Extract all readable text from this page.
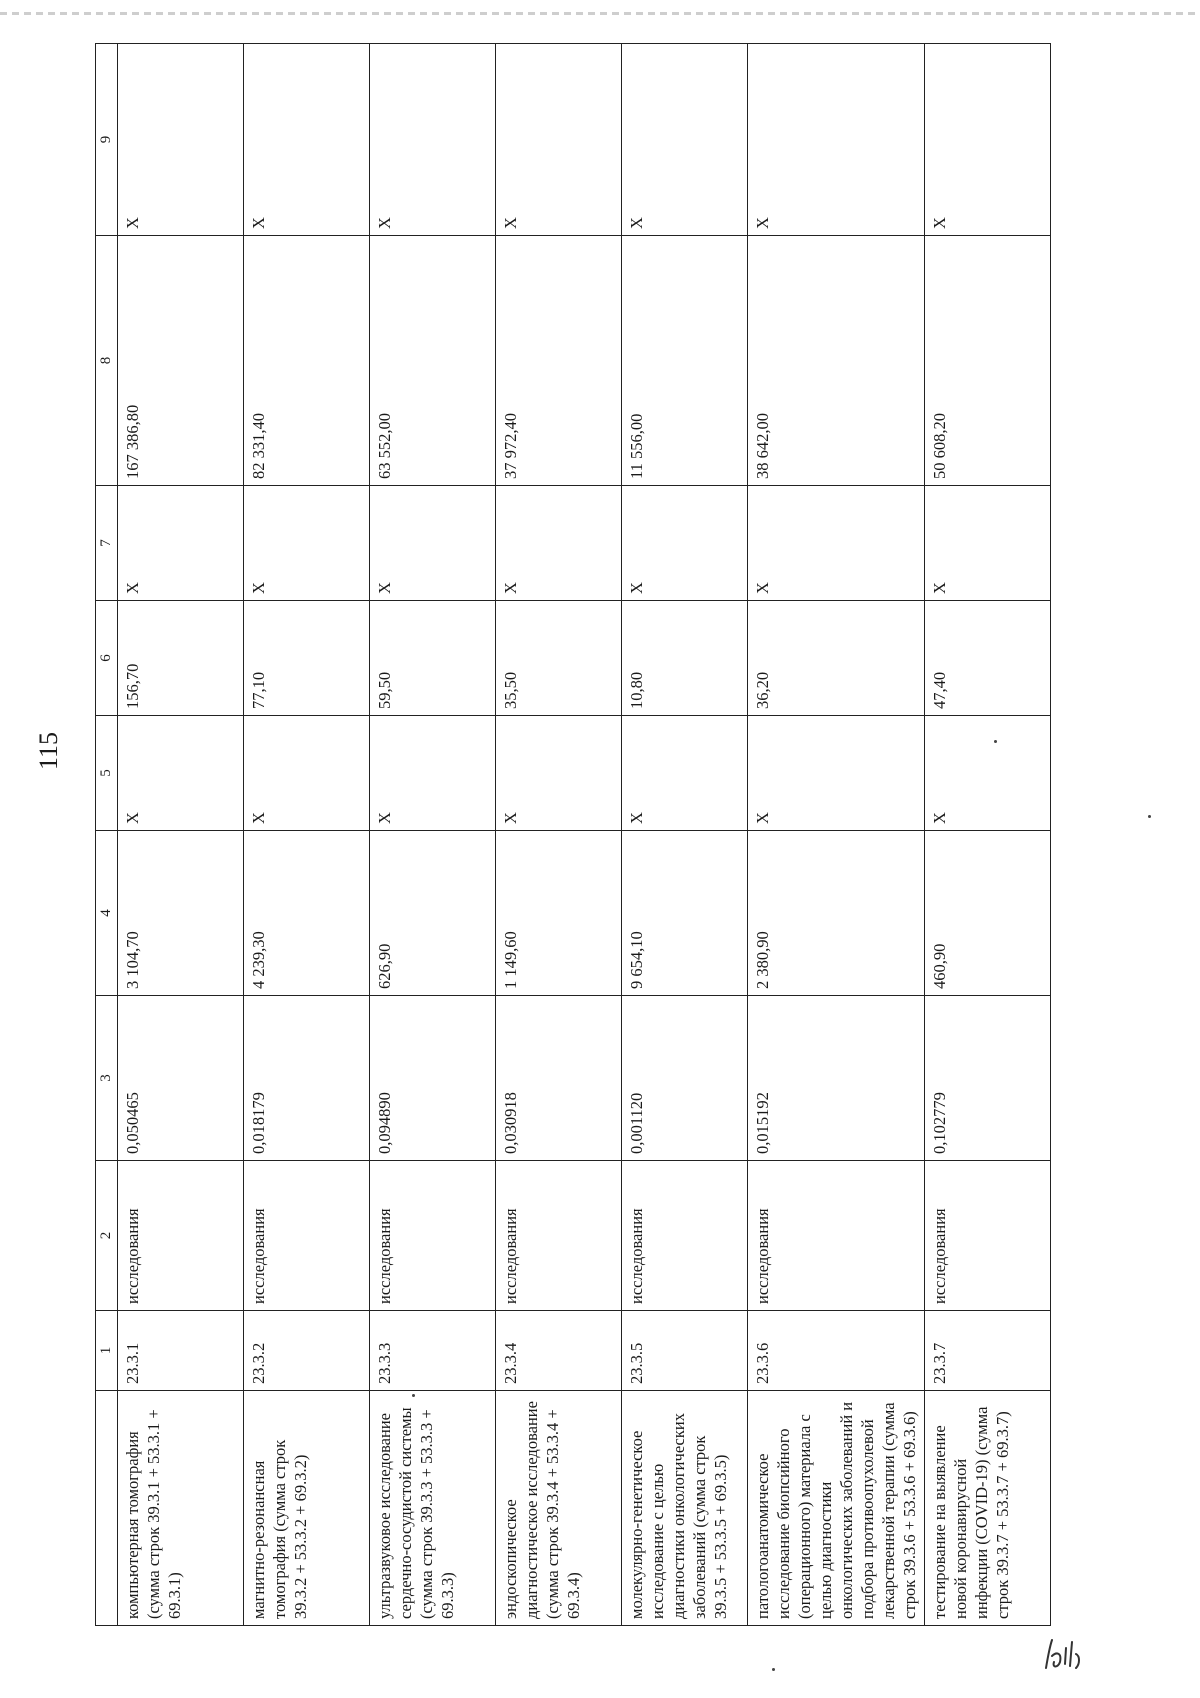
115
	1	2	3	4	5	6	7	8	9
компьютерная томография (сумма строк 39.3.1 + 53.3.1 + 69.3.1)	23.3.1	исследования	0,050465	3 104,70	X	156,70	X	167 386,80	X
магнитно-резонансная томография (сумма строк 39.3.2 + 53.3.2 + 69.3.2)	23.3.2	исследования	0,018179	4 239,30	X	77,10	X	82 331,40	X
ультразвуковое исследование сердечно-сосудистой системы (сумма строк 39.3.3 + 53.3.3 + 69.3.3)	23.3.3	исследования	0,094890	626,90	X	59,50	X	63 552,00	X
эндоскопическое диагностическое исследование (сумма строк 39.3.4 + 53.3.4 + 69.3.4)	23.3.4	исследования	0,030918	1 149,60	X	35,50	X	37 972,40	X
молекулярно-генетическое исследование с целью диагностики онкологических заболеваний (сумма строк 39.3.5 + 53.3.5 + 69.3.5)	23.3.5	исследования	0,001120	9 654,10	X	10,80	X	11 556,00	X
патологоанатомическое исследование биопсийного (операционного) материала с целью диагностики онкологических заболеваний и подбора противоопухолевой лекарственной терапии (сумма строк 39.3.6 + 53.3.6 + 69.3.6)	23.3.6	исследования	0,015192	2 380,90	X	36,20	X	38 642,00	X
тестирование на выявление новой коронавирусной инфекции (COVID-19) (сумма строк 39.3.7 + 53.3.7 + 69.3.7)	23.3.7	исследования	0,102779	460,90	X	47,40	X	50 608,20	X
